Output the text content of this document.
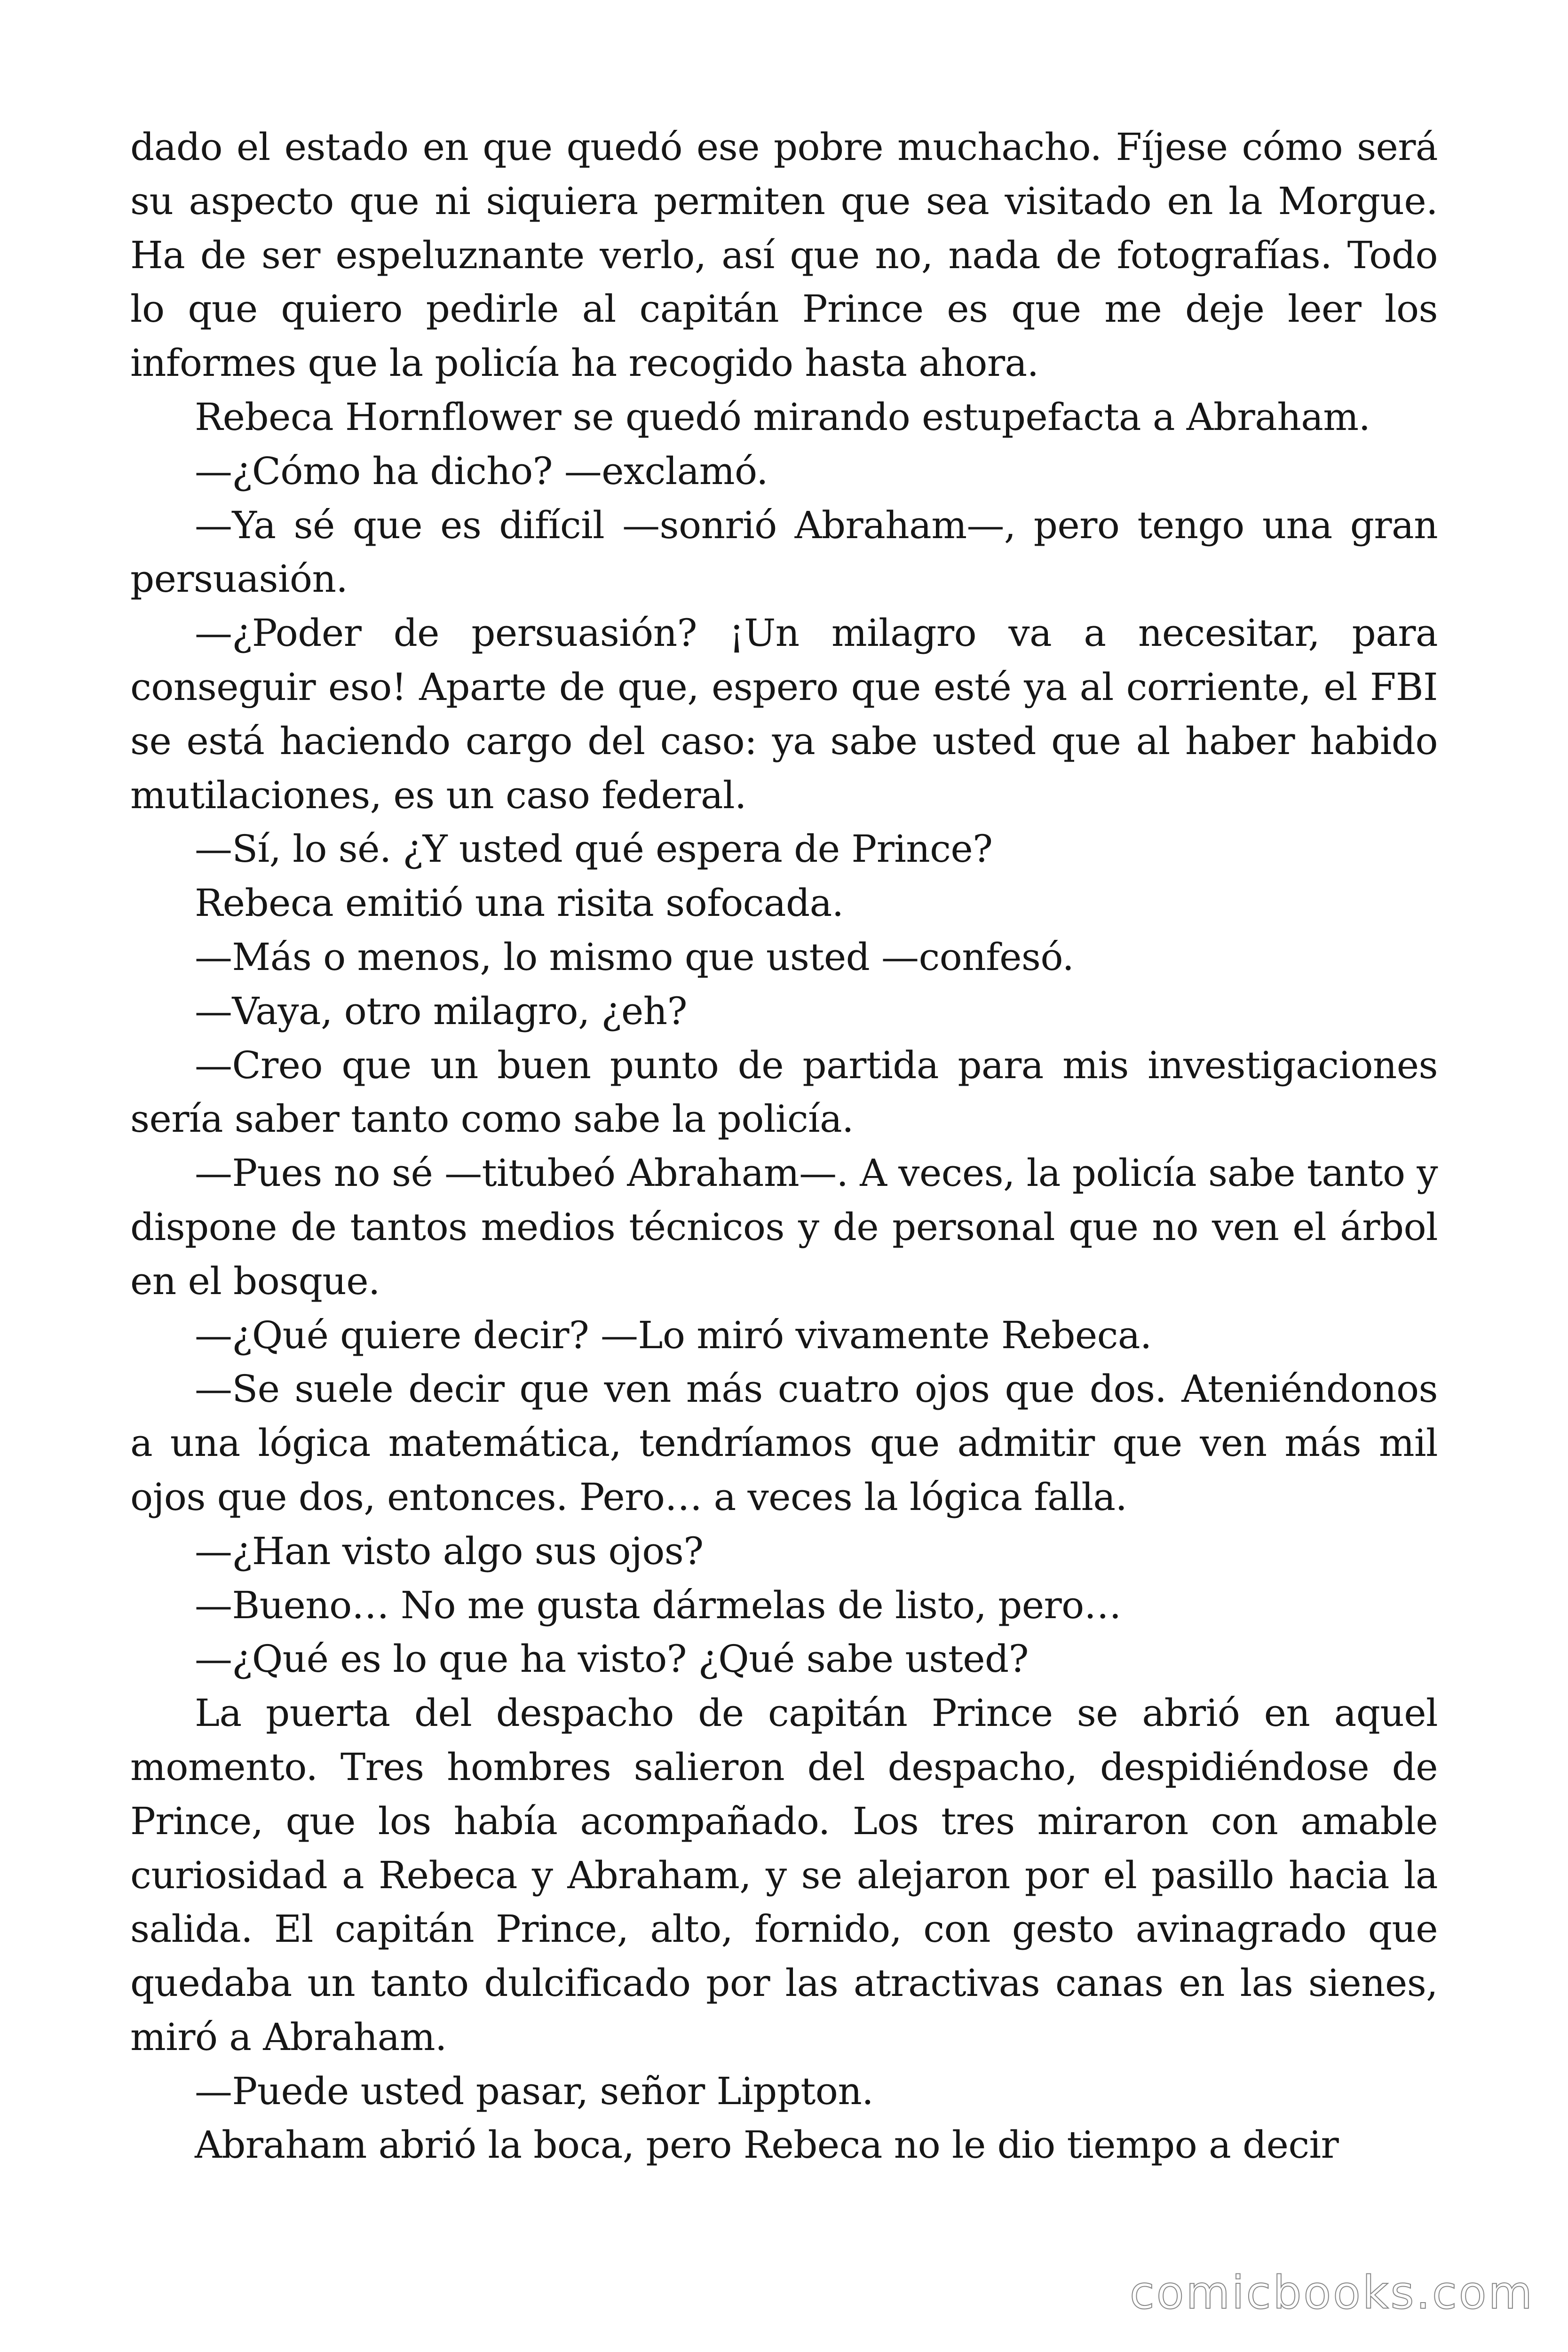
dado el estado en que quedó ese pobre muchacho. Fíjese cómo será su aspecto que ni siquiera permiten que sea visitado en la Morgue. Ha de ser espeluznante verlo, así que no, nada de fotografías. Todo lo que quiero pedirle al capitán Prince es que me deje leer los informes que la policía ha recogido hasta ahora.

Rebeca Hornflower se quedó mirando estupefacta a Abraham.

—¿Cómo ha dicho? —exclamó.

—Ya sé que es difícil —sonrió Abraham—, pero tengo una gran persuasión.

—¿Poder de persuasión? ¡Un milagro va a necesitar, para conseguir eso! Aparte de que, espero que esté ya al corriente, el FBI se está haciendo cargo del caso: ya sabe usted que al haber habido mutilaciones, es un caso federal.

—Sí, lo sé. ¿Y usted qué espera de Prince?

Rebeca emitió una risita sofocada.

—Más o menos, lo mismo que usted —confesó.

—Vaya, otro milagro, ¿eh?

—Creo que un buen punto de partida para mis investigaciones sería saber tanto como sabe la policía.

—Pues no sé —titubeó Abraham—. A veces, la policía sabe tanto y dispone de tantos medios técnicos y de personal que no ven el árbol en el bosque.

—¿Qué quiere decir? —Lo miró vivamente Rebeca.

—Se suele decir que ven más cuatro ojos que dos. Ateniéndonos a una lógica matemática, tendríamos que admitir que ven más mil ojos que dos, entonces. Pero… a veces la lógica falla.

—¿Han visto algo sus ojos?

—Bueno… No me gusta dármelas de listo, pero…

—¿Qué es lo que ha visto? ¿Qué sabe usted?

La puerta del despacho de capitán Prince se abrió en aquel momento. Tres hombres salieron del despacho, despidiéndose de Prince, que los había acompañado. Los tres miraron con amable curiosidad a Rebeca y Abraham, y se alejaron por el pasillo hacia la salida. El capitán Prince, alto, fornido, con gesto avinagrado que quedaba un tanto dulcificado por las atractivas canas en las sienes, miró a Abraham.

—Puede usted pasar, señor Lippton.

Abraham abrió la boca, pero Rebeca no le dio tiempo a decir

comicbooks.com
